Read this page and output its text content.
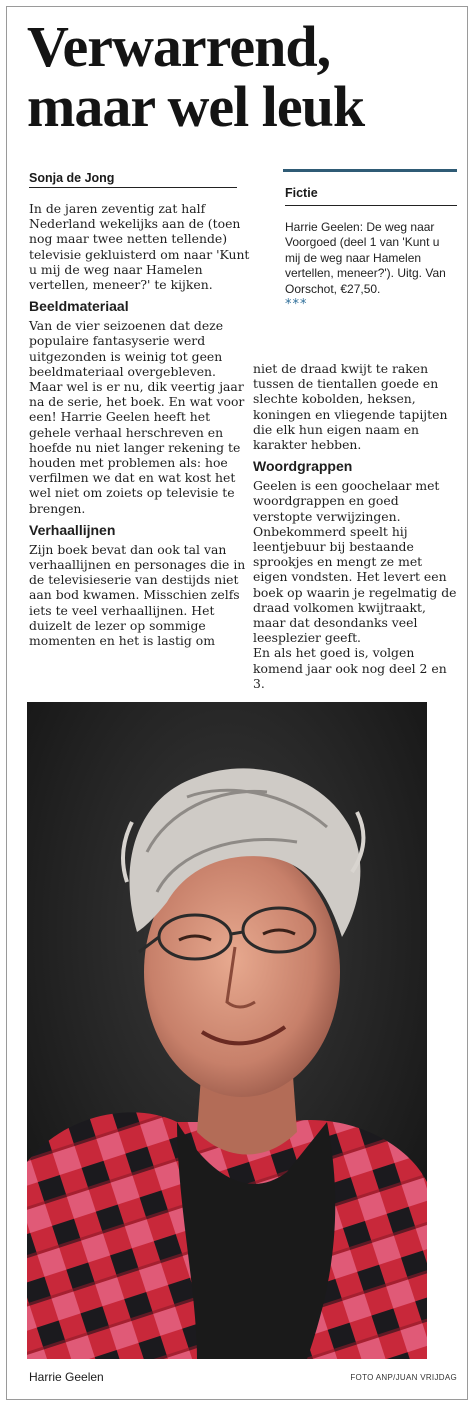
Verwarrend,
maar wel leuk
Sonja de Jong
Fictie
Harrie Geelen: De weg naar Voorgoed (deel 1 van 'Kunt u mij de weg naar Hamelen vertellen, meneer?'). Uitg. Van Oorschot, €27,50.
***

In de jaren zeventig zat half Nederland wekelijks aan de (toen nog maar twee netten tellende) televisie gekluisterd om naar 'Kunt u mij de weg naar Hamelen vertellen, meneer?' te kijken.

Beeldmateriaal

Van de vier seizoenen dat deze populaire fantasyserie werd uitgezonden is weinig tot geen beeldmateriaal overgebleven. Maar wel is er nu, dik veertig jaar na de serie, het boek. En wat voor een! Harrie Geelen heeft het gehele verhaal herschreven en hoefde nu niet langer rekening te houden met problemen als: hoe verfilmen we dat en wat kost het wel niet om zoiets op televisie te brengen.

Verhaallijnen

Zijn boek bevat dan ook tal van verhaallijnen en personages die in de televisieserie van destijds niet aan bod kwamen. Misschien zelfs iets te veel verhaallijnen. Het duizelt de lezer op sommige momenten en het is lastig om

niet de draad kwijt te raken tussen de tientallen goede en slechte kobolden, heksen, koningen en vliegende tapijten die elk hun eigen naam en karakter hebben.

Woordgrappen

Geelen is een goochelaar met woordgrappen en goed verstopte verwijzingen.

Onbekommerd speelt hij leentjebuur bij bestaande sprookjes en mengt ze met eigen vondsten. Het levert een boek op waarin je regelmatig de draad volkomen kwijtraakt, maar dat desondanks veel leesplezier geeft.

En als het goed is, volgen komend jaar ook nog deel 2 en 3.

Harrie Geelen	FOTO ANP/JUAN VRIJDAG
